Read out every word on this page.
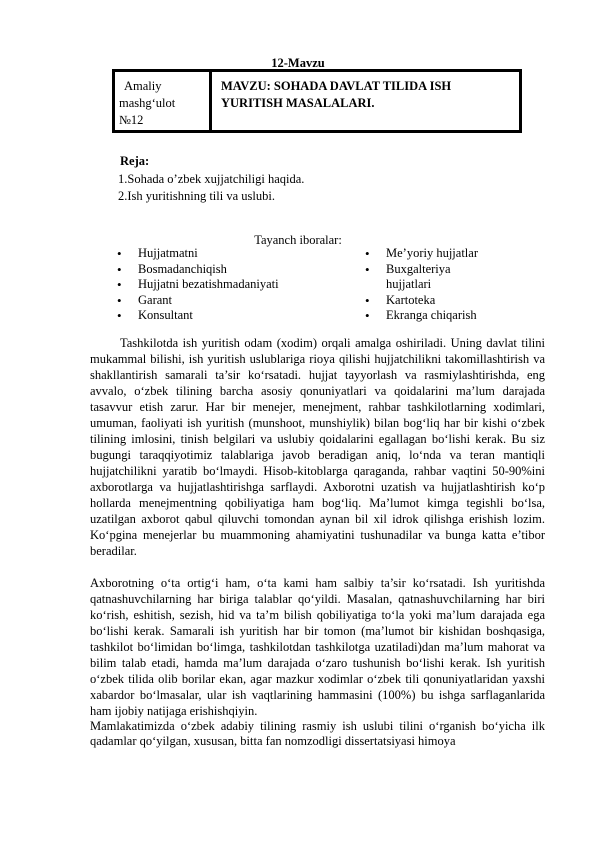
12-Mavzu
Amaliy
mashg‘ulot
№12
MAVZU: SOHADA DAVLAT TILIDA ISH YURITISH MASALALARI.
Reja:
1.Sohada o’zbek xujjatchiligi haqida.
2.Ish yuritishning tili va uslubi.
Tayanch iboralar:
• Hujjatmatni
• Bosmadanchiqish
• Hujjatni bezatishmadaniyati
• Garant
• Konsultant
• Me’yoriy hujjatlar
• Buxgalteriya hujjatlari
• Kartoteka
• Ekranga chiqarish
Tashkilotda ish yuritish odam (xodim) orqali amalga oshiriladi. Uning davlat tilini mukammal bilishi, ish yuritish uslublariga rioya qilishi hujjatchilikni takomillashtirish va shakllantirish samarali ta’sir ko‘rsatadi. hujjat tayyorlash va rasmiylashtirishda, eng avvalo, o‘zbek tilining barcha asosiy qonuniyatlari va qoidalarini ma’lum darajada tasavvur etish zarur. Har bir menejer, menejment, rahbar tashkilotlarning xodimlari, umuman, faoliyati ish yuritish (munshoot, munshiylik) bilan bog‘liq har bir kishi o‘zbek tilining imlosini, tinish belgilari va uslubiy qoidalarini egallagan bo‘lishi kerak. Bu siz bugungi taraqqiyotimiz talablariga javob beradigan aniq, lo‘nda va teran mantiqli hujjatchilikni yaratib bo‘lmaydi. Hisob-kitoblarga qaraganda, rahbar vaqtini 50-90%ini axborotlarga va hujjatlashtirishga sarflaydi. Axborotni uzatish va hujjatlashtirish ko‘p hollarda menejmentning qobiliyatiga ham bog‘liq. Ma’lumot kimga tegishli bo‘lsa, uzatilgan axborot qabul qiluvchi tomondan aynan bil xil idrok qilishga erishish lozim. Ko‘pgina menejerlar bu muammoning ahamiyatini tushunadilar va bunga katta e’tibor beradilar.
Axborotning o‘ta ortig‘i ham, o‘ta kami ham salbiy ta’sir ko‘rsatadi. Ish yuritishda qatnashuvchilarning har biriga talablar qo‘yildi. Masalan, qatnashuvchilarning har biri ko‘rish, eshitish, sezish, hid va ta’m bilish qobiliyatiga to‘la yoki ma’lum darajada ega bo‘lishi kerak. Samarali ish yuritish har bir tomon (ma’lumot bir kishidan boshqasiga, tashkilot bo‘limidan bo‘limga, tashkilotdan tashkilotga uzatiladi)dan ma’lum mahorat va bilim talab etadi, hamda ma’lum darajada o‘zaro tushunish bo‘lishi kerak. Ish yuritish o‘zbek tilida olib borilar ekan, agar mazkur xodimlar o‘zbek tili qonuniyatlaridan yaxshi xabardor bo‘lmasalar, ular ish vaqtlarining hammasini (100%) bu ishga sarflaganlarida ham ijobiy natijaga erishishqiyin.
Mamlakatimizda o‘zbek adabiy tilining rasmiy ish uslubi tilini o‘rganish bo‘yicha ilk qadamlar qo‘yilgan, xususan, bitta fan nomzodligi dissertatsiyasi himoya
